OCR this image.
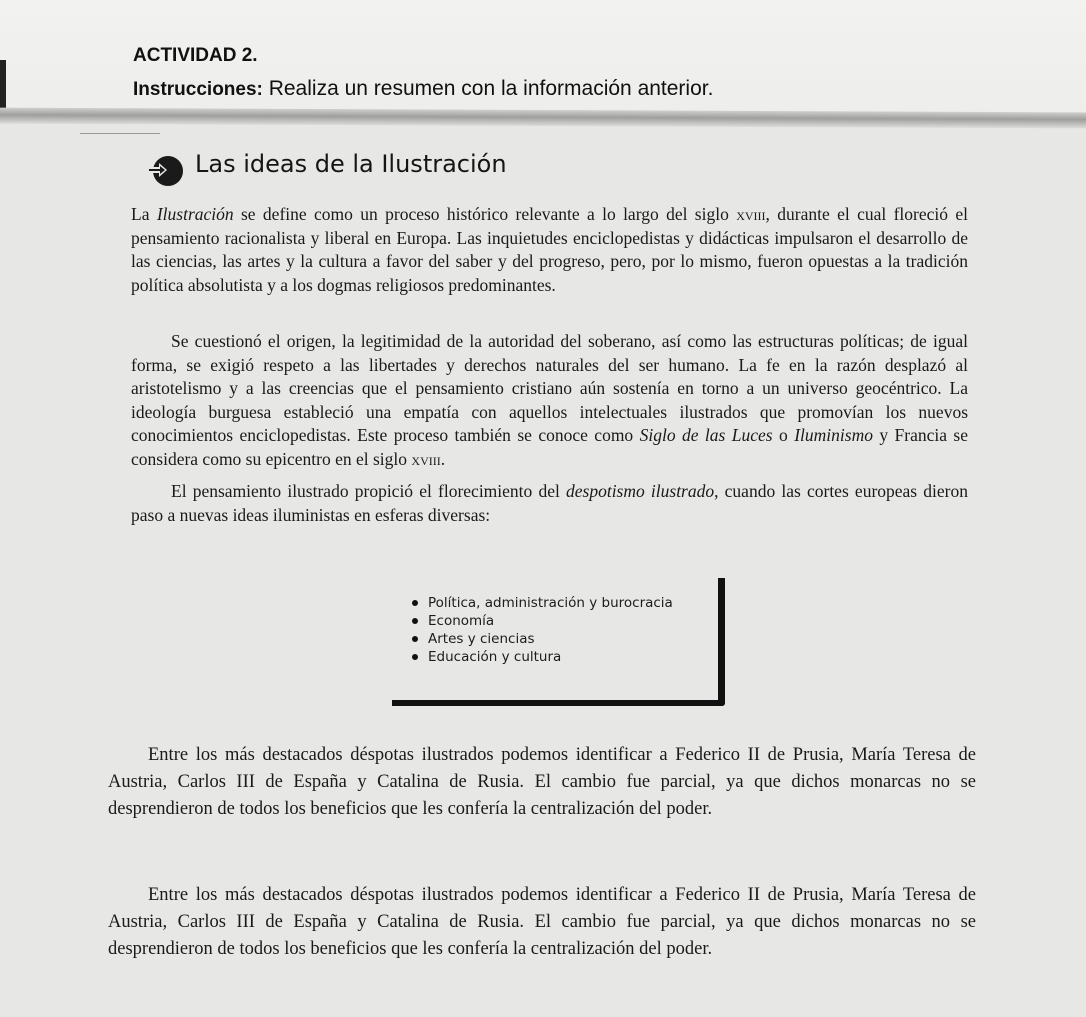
ACTIVIDAD 2.
Instrucciones: Realiza un resumen con la información anterior.
Las ideas de la Ilustración

La Ilustración se define como un proceso histórico relevante a lo largo del siglo xviii, durante el cual floreció el pensamiento racionalista y liberal en Europa. Las inquietudes enciclopedistas y didácticas impulsaron el desarrollo de las ciencias, las artes y la cultura a favor del saber y del progreso, pero, por lo mismo, fueron opuestas a la tradición política absolutista y a los dogmas religiosos predominantes.

Se cuestionó el origen, la legitimidad de la autoridad del soberano, así como las estructuras políticas; de igual forma, se exigió respeto a las libertades y derechos naturales del ser humano. La fe en la razón desplazó al aristotelismo y a las creencias que el pensamiento cristiano aún sostenía en torno a un universo geocéntrico. La ideología burguesa estableció una empatía con aquellos intelectuales ilustrados que promovían los nuevos conocimientos enciclopedistas. Este proceso también se conoce como Siglo de las Luces o Iluminismo y Francia se considera como su epicentro en el siglo xviii.

El pensamiento ilustrado propició el florecimiento del despotismo ilustrado, cuando las cortes europeas dieron paso a nuevas ideas iluministas en esferas diversas:

Política, administración y burocracia
Economía
Artes y ciencias
Educación y cultura

Entre los más destacados déspotas ilustrados podemos identificar a Federico II de Prusia, María Teresa de Austria, Carlos III de España y Catalina de Rusia. El cambio fue parcial, ya que dichos monarcas no se desprendieron de todos los beneficios que les confería la centralización del poder.

Entre los más destacados déspotas ilustrados podemos identificar a Federico II de Prusia, María Teresa de Austria, Carlos III de España y Catalina de Rusia. El cambio fue parcial, ya que dichos monarcas no se desprendieron de todos los beneficios que les confería la centralización del poder.
